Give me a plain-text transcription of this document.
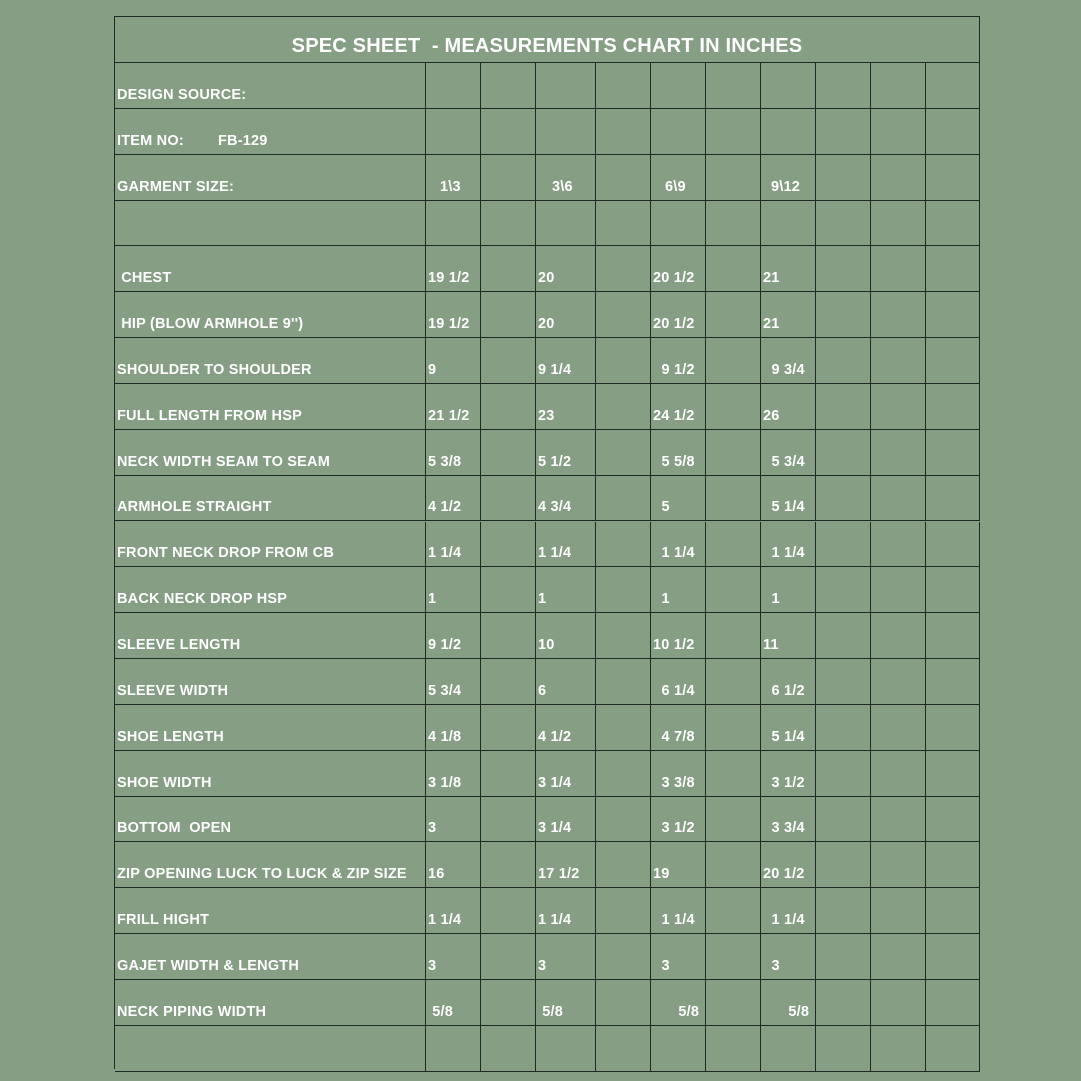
SPEC SHEET  - MEASUREMENTS CHART IN INCHES
DESIGN SOURCE:
ITEM NO: FB-129
GARMENT SIZE:	1\3	3\6	6\9	9\12
CHEST	19 1/2	20	20 1/2	21
HIP (BLOW ARMHOLE 9'')	19 1/2	20	20 1/2	21
SHOULDER TO SHOULDER	9	9 1/4	9 1/2	9 3/4
FULL LENGTH FROM HSP	21 1/2	23	24 1/2	26
NECK WIDTH SEAM TO SEAM	5 3/8	5 1/2	5 5/8	5 3/4
ARMHOLE STRAIGHT	4 1/2	4 3/4	5	5 1/4
FRONT NECK DROP FROM CB	1 1/4	1 1/4	1 1/4	1 1/4
BACK NECK DROP HSP	1	1	1	1
SLEEVE LENGTH	9 1/2	10	10 1/2	11
SLEEVE WIDTH	5 3/4	6	6 1/4	6 1/2
SHOE LENGTH	4 1/8	4 1/2	4 7/8	5 1/4
SHOE WIDTH	3 1/8	3 1/4	3 3/8	3 1/2
BOTTOM  OPEN	3	3 1/4	3 1/2	3 3/4
ZIP OPENING LUCK TO LUCK & ZIP SIZE 16	17 1/2	19	20 1/2
FRILL HIGHT	1 1/4	1 1/4	1 1/4	1 1/4
GAJET WIDTH & LENGTH	3	3	3	3
NECK PIPING WIDTH	5/8	5/8	5/8	5/8
